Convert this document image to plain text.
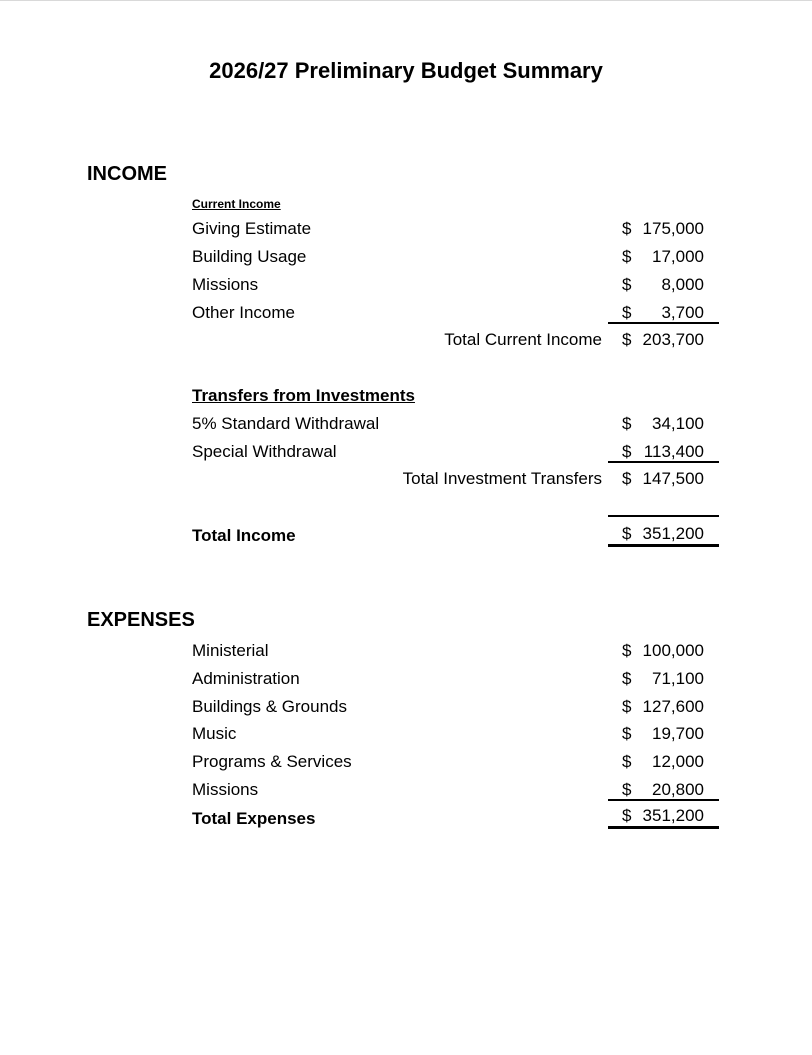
2026/27 Preliminary Budget Summary
INCOME
Current Income
Giving Estimate	$ 175,000
Building Usage	$ 17,000
Missions	$ 8,000
Other Income	$ 3,700
Total Current Income $ 203,700
Transfers from Investments
5% Standard Withdrawal	$ 34,100
Special Withdrawal	$ 113,400
Total Investment Transfers $ 147,500
Total Income	$ 351,200
EXPENSES
Ministerial	$ 100,000
Administration	$ 71,100
Buildings & Grounds	$ 127,600
Music	$ 19,700
Programs & Services	$ 12,000
Missions	$ 20,800
Total Expenses	$ 351,200
